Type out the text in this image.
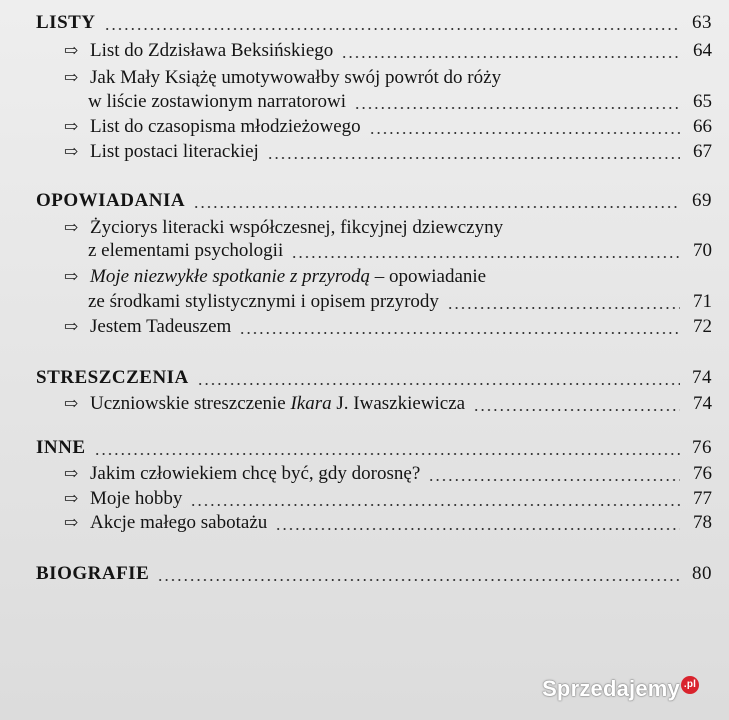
LISTY	63
⇨ List do Zdzisława Beksińskiego	64
⇨ Jak Mały Książę umotywowałby swój powrót do róży
w liście zostawionym narratorowi	65
⇨ List do czasopisma młodzieżowego	66
⇨ List postaci literackiej	67
OPOWIADANIA	69
⇨ Życiorys literacki współczesnej, fikcyjnej dziewczyny
z elementami psychologii	70
⇨ Moje niezwykłe spotkanie z przyrodą – opowiadanie
ze środkami stylistycznymi i opisem przyrody	71
⇨ Jestem Tadeuszem	72
STRESZCZENIA	74
⇨ Uczniowskie streszczenie Ikara J. Iwaszkiewicza	74
INNE	76
⇨ Jakim człowiekiem chcę być, gdy dorosnę?	76
⇨ Moje hobby	77
⇨ Akcje małego sabotażu	78
BIOGRAFIE	80
Sprzedajemy .pl
